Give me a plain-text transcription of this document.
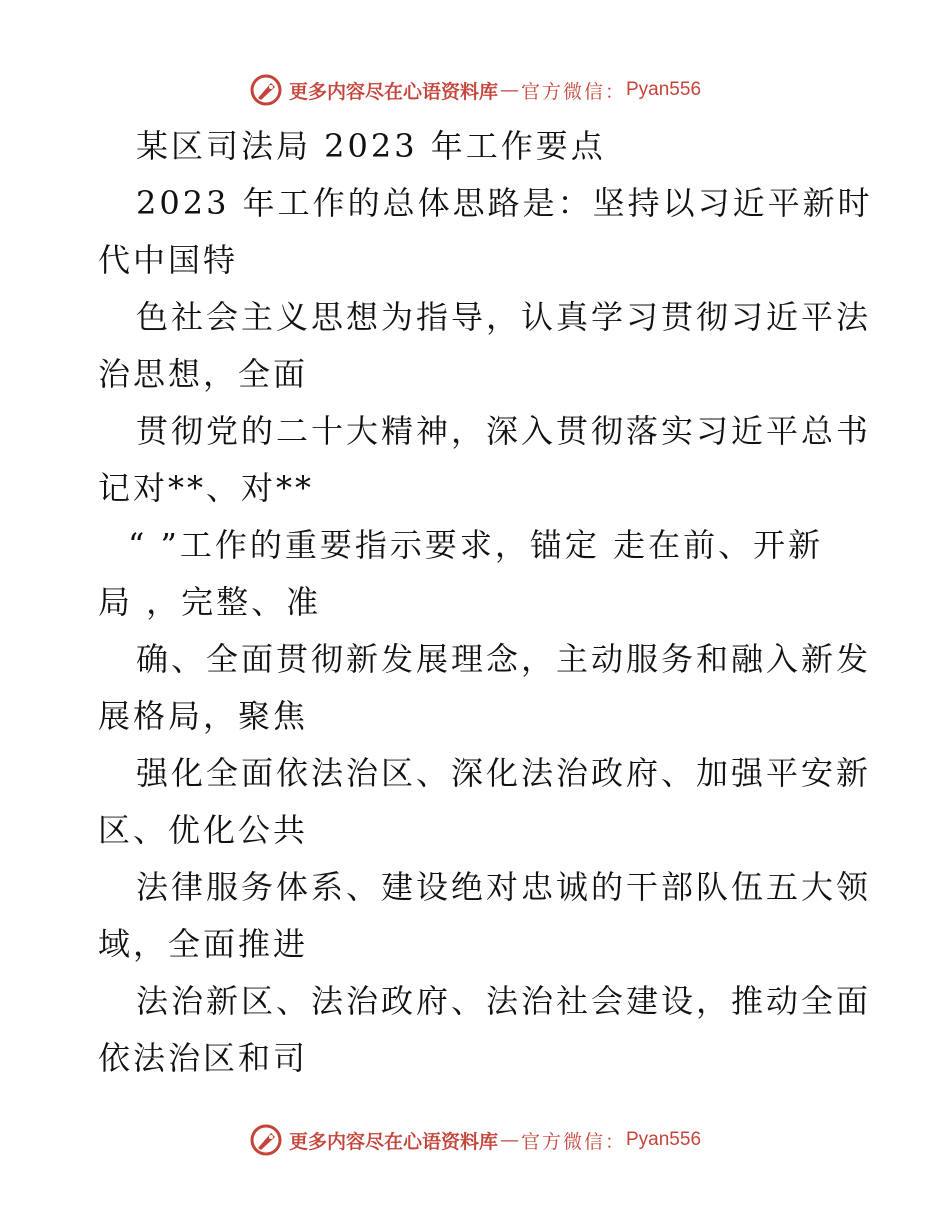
更多内容尽在心语资料库 — 官方微信： Pyan556
某区司法局 2023 年工作要点
2023 年工作的总体思路是：坚持以习近平新时
代中国特
色社会主义思想为指导，认真学习贯彻习近平法
治思想，全面
贯彻党的二十大精神，深入贯彻落实习近平总书
记对**、对**
“ ”工作的重要指示要求，锚定 走在前、开新
局 ，完整、准
确、全面贯彻新发展理念，主动服务和融入新发
展格局，聚焦
强化全面依法治区、深化法治政府、加强平安新
区、优化公共
法律服务体系、建设绝对忠诚的干部队伍五大领
域，全面推进
法治新区、法治政府、法治社会建设，推动全面
依法治区和司
更多内容尽在心语资料库 — 官方微信： Pyan556
